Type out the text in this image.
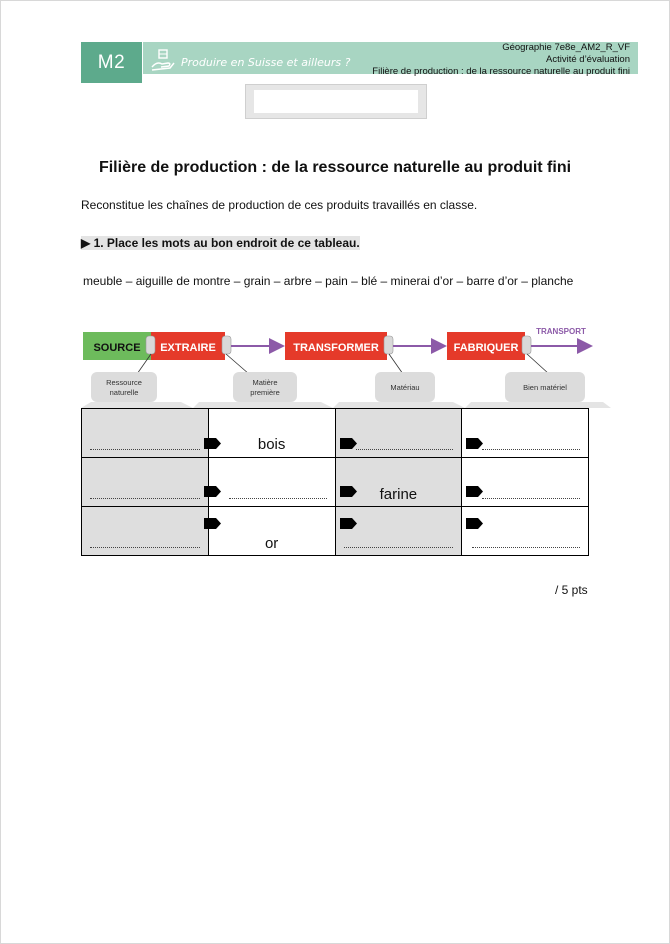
M2	Produire en Suisse et ailleurs ?
Géographie 7e8e_AM2_R_VF
Activité d’évaluation
Filière de production : de la ressource naturelle au produit fini
Filière de production : de la ressource naturelle au produit fini
Reconstitue les chaînes de production de ces produits travaillés en classe.
▶ 1. Place les mots au bon endroit de ce tableau.
meuble – aiguille de montre – grain – arbre – pain – blé – minerai d’or – barre d’or – planche
SOURCE EXTRAIRE	TRANSFORMER	FABRIQUER
TRANSPORT
Ressource
naturelle
Matière
première
Matériau	Bien matériel

	bois		

		farine	

	or		

/ 5 pts
